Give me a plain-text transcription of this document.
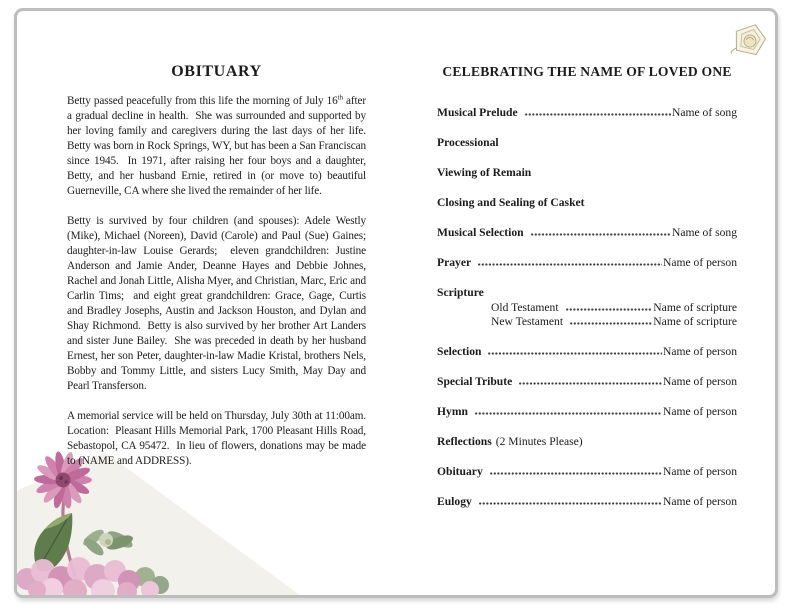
OBITUARY

Betty passed peacefully from this life the morning of July 16th after a gradual decline in health.  She was surrounded and supported by her loving family and caregivers during the last days of her life.  Betty was born in Rock Springs, WY, but has been a San Franciscan since 1945.  In 1971, after raising her four boys and a daughter, Betty, and her husband Ernie, retired in (or move to) beautiful Guerneville, CA where she lived the remainder of her life.

Betty is survived by four children (and spouses): Adele Westly (Mike), Michael (Noreen), David (Carole) and Paul (Sue) Gaines; daughter-in-law Louise Gerards;  eleven grandchildren: Justine Anderson and Jamie Ander, Deanne Hayes and Debbie Johnes, Rachel and Jonah Little, Alisha Myer, and Christian, Marc, Eric and Carlin Tims;  and eight great grandchildren: Grace, Gage, Curtis and Bradley Josephs, Austin and Jackson Houston, and Dylan and Shay Richmond.  Betty is also survived by her brother Art Landers and sister June Bailey.  She was preceded in death by her husband Ernest, her son Peter, daughter-in-law Madie Kristal, brothers Nels, Bobby and Tommy Little, and sisters Lucy Smith, May Day and Pearl Transferson.

A memorial service will be held on Thursday, July 30th at 11:00am.  Location:  Pleasant Hills Memorial Park, 1700 Pleasant Hills Road, Sebastopol, CA 95472.  In lieu of flowers, donations may be made to (NAME and ADDRESS).

CELEBRATING THE NAME OF LOVED ONE
Musical Prelude	Name of song
Processional
Viewing of Remain
Closing and Sealing of Casket
Musical Selection	Name of song
Prayer	Name of person
Scripture
Old Testament	Name of scripture
New Testament	Name of scripture
Selection	Name of person
Special Tribute	Name of person
Hymn	Name of person
Reflections (2 Minutes Please)
Obituary	Name of person
Eulogy	Name of person
